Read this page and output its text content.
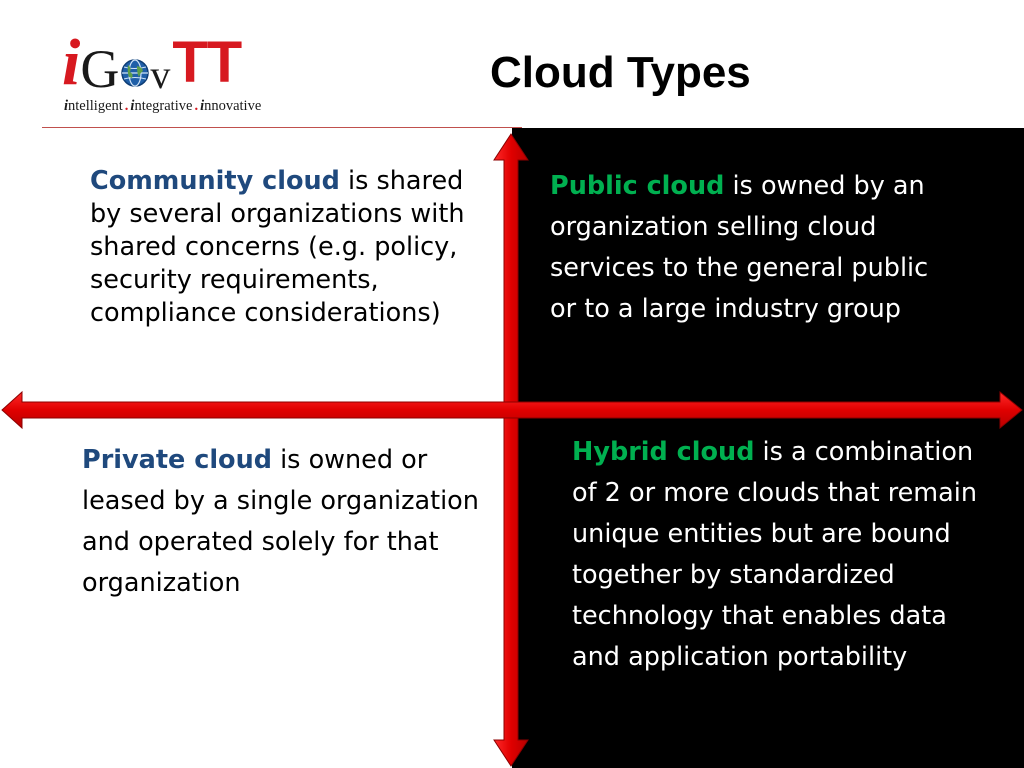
iG vTT
intelligent . integrative . innovative
Cloud Types
Community cloud is shared by several organizations with shared concerns (e.g. policy, security requirements, compliance considerations)
Public cloud is owned by an organization selling cloud services to the general public or to a large industry group
Private cloud is owned or leased by a single organization and operated solely for that organization
Hybrid cloud is a combination of 2 or more clouds that remain unique entities but are bound together by standardized technology that enables data and application portability
